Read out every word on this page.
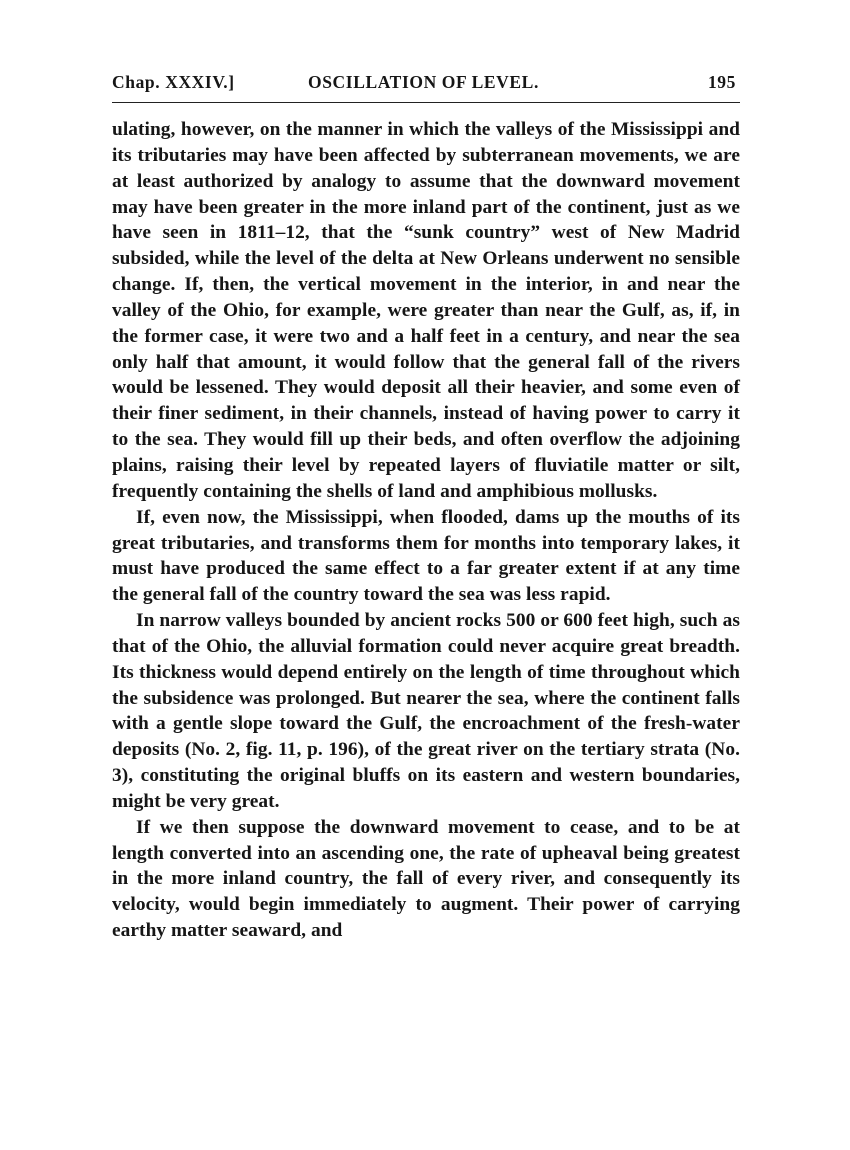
Chap. XXXIV.]	OSCILLATION OF LEVEL.	195

ulating, however, on the manner in which the valleys of the Mississippi and its tributaries may have been affected by subterranean movements, we are at least authorized by analogy to assume that the downward movement may have been greater in the more inland part of the continent, just as we have seen in 1811–12, that the “sunk country” west of New Madrid subsided, while the level of the delta at New Orleans underwent no sensible change. If, then, the vertical movement in the interior, in and near the valley of the Ohio, for example, were greater than near the Gulf, as, if, in the former case, it were two and a half feet in a century, and near the sea only half that amount, it would follow that the general fall of the rivers would be lessened. They would deposit all their heavier, and some even of their finer sediment, in their channels, instead of having power to carry it to the sea. They would fill up their beds, and often overflow the adjoining plains, raising their level by repeated layers of fluviatile matter or silt, frequently containing the shells of land and amphibious mollusks.

If, even now, the Mississippi, when flooded, dams up the mouths of its great tributaries, and transforms them for months into temporary lakes, it must have produced the same effect to a far greater extent if at any time the general fall of the country toward the sea was less rapid.

In narrow valleys bounded by ancient rocks 500 or 600 feet high, such as that of the Ohio, the alluvial formation could never acquire great breadth. Its thickness would depend entirely on the length of time throughout which the subsidence was prolonged. But nearer the sea, where the continent falls with a gentle slope toward the Gulf, the encroachment of the fresh-water deposits (No. 2, fig. 11, p. 196), of the great river on the tertiary strata (No. 3), constituting the original bluffs on its eastern and western boundaries, might be very great.

If we then suppose the downward movement to cease, and to be at length converted into an ascending one, the rate of upheaval being greatest in the more inland country, the fall of every river, and consequently its velocity, would begin immediately to augment. Their power of carrying earthy matter seaward, and
